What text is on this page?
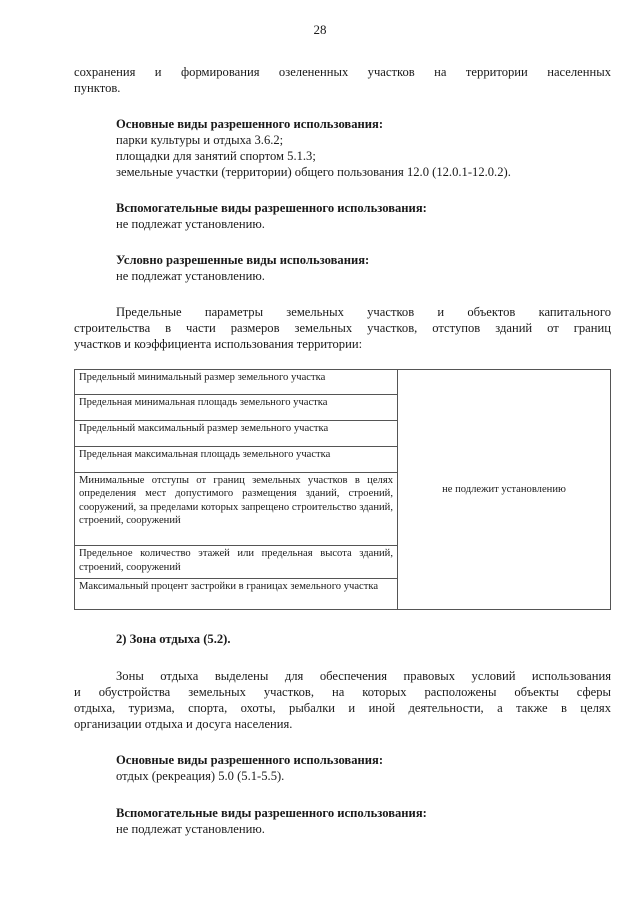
28
сохранения и формирования озелененных участков на территории населенных
пунктов.
Основные виды разрешенного использования:
парки культуры и отдыха 3.6.2;
площадки для занятий спортом 5.1.3;
земельные участки (территории) общего пользования 12.0 (12.0.1-12.0.2).
Вспомогательные виды разрешенного использования:
не подлежат установлению.
Условно разрешенные виды использования:
не подлежат установлению.
Предельные параметры земельных участков и объектов капитального
строительства в части размеров земельных участков, отступов зданий от границ
участков и коэффициента использования территории:
Предельный минимальный размер земельного участка	не подлежит установлению
Предельная минимальная площадь земельного участка
Предельный максимальный размер земельного участка
Предельная максимальная площадь земельного участка
Минимальные отступы от границ земельных участков в целях определения мест допустимого размещения зданий, строений, сооружений, за пределами которых запрещено строительство зданий, строений, сооружений
Предельное количество этажей или предельная высота зданий, строений, сооружений
Максимальный процент застройки в границах земельного участка
2) Зона отдыха (5.2).
Зоны отдыха выделены для обеспечения правовых условий использования
и обустройства земельных участков, на которых расположены объекты сферы
отдыха, туризма, спорта, охоты, рыбалки и иной деятельности, а также в целях
организации отдыха и досуга населения.
Основные виды разрешенного использования:
отдых (рекреация) 5.0 (5.1-5.5).
Вспомогательные виды разрешенного использования:
не подлежат установлению.
